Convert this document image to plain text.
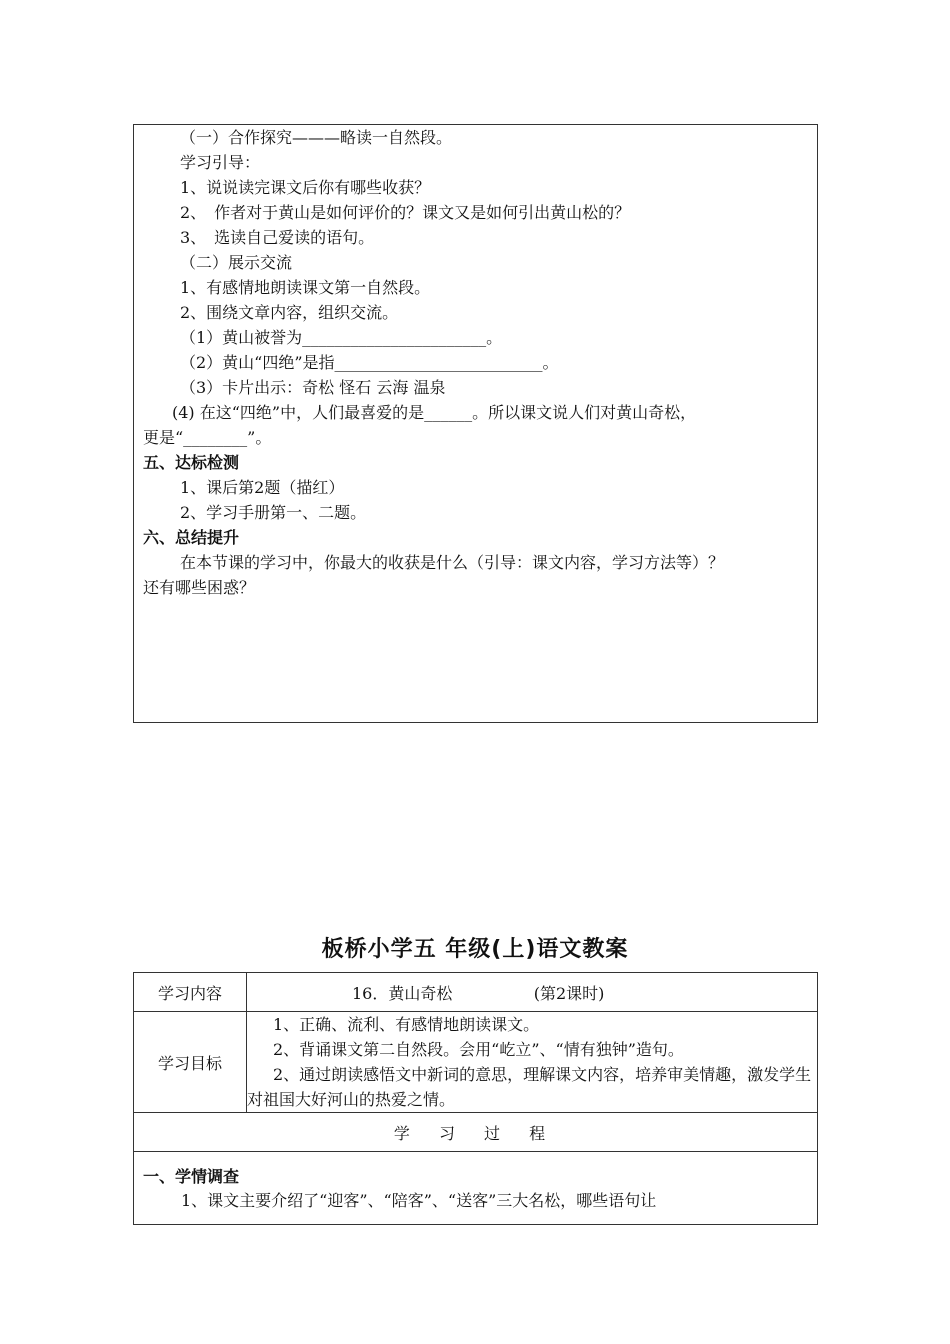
（一）合作探究———略读一自然段。
学习引导：
1、说说读完课文后你有哪些收获？
2、　作者对于黄山是如何评价的？课文又是如何引出黄山松的？
3、　选读自己爱读的语句。
（二）展示交流
1、有感情地朗读课文第一自然段。
2、围绕文章内容，组织交流。
（1）黄山被誉为_______________________。
（2）黄山“四绝”是指__________________________。
（3）卡片出示：奇松 怪石 云海 温泉
(4) 在这“四绝”中，人们最喜爱的是______。所以课文说人们对黄山奇松，
更是“________”。
五、达标检测
1、课后第2题（描红）
2、学习手册第一、二题。
六、总结提升
在本节课的学习中，你最大的收获是什么（引导：课文内容，学习方法等）？
还有哪些困惑？
板桥小学五 年级(上)语文教案
学习内容	16．黄山奇松                (第2课时)
学习目标	1、正确、流利、有感情地朗读课文。
2、背诵课文第二自然段。会用“屹立”、“情有独钟”造句。
2、通过朗读感悟文中新词的意思，理解课文内容，培养审美情趣，激发学生对祖国大好河山的热爱之情。

学 习 过 程	

一、学情调查
1、课文主要介绍了“迎客”、“陪客”、“送客”三大名松，哪些语句让	
